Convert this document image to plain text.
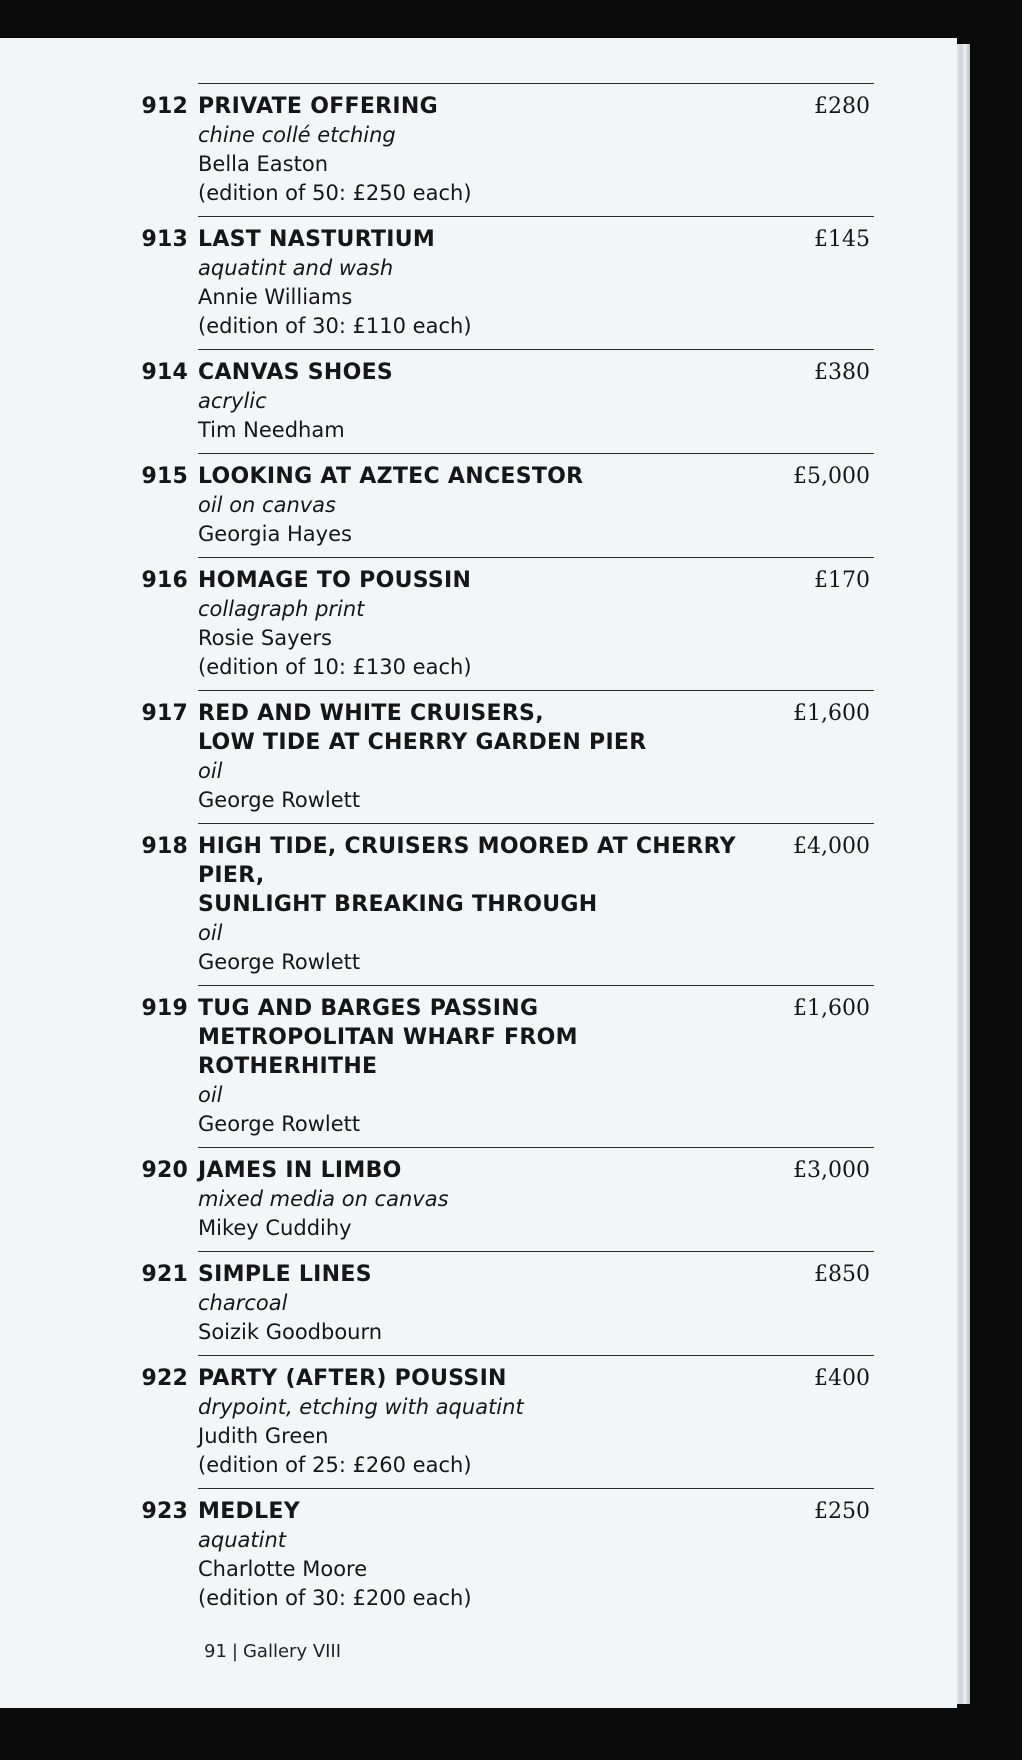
912 PRIVATE OFFERING
chine collé etching
Bella Easton
(edition of 50: £250 each)
£280
913 LAST NASTURTIUM
aquatint and wash
Annie Williams
(edition of 30: £110 each)
£145
914 CANVAS SHOES
acrylic
Tim Needham
£380
915 LOOKING AT AZTEC ANCESTOR
oil on canvas
Georgia Hayes
£5,000
916 HOMAGE TO POUSSIN
collagraph print
Rosie Sayers
(edition of 10: £130 each)
£170
917 RED AND WHITE CRUISERS,
LOW TIDE AT CHERRY GARDEN PIER
oil
George Rowlett
£1,600
918 HIGH TIDE, CRUISERS MOORED AT CHERRY PIER,
SUNLIGHT BREAKING THROUGH
oil
George Rowlett
£4,000
919 TUG AND BARGES PASSING
METROPOLITAN WHARF FROM ROTHERHITHE
oil
George Rowlett
£1,600
920 JAMES IN LIMBO
mixed media on canvas
Mikey Cuddihy
£3,000
921 SIMPLE LINES
charcoal
Soizik Goodbourn
£850
922 PARTY (AFTER) POUSSIN
drypoint, etching with aquatint
Judith Green
(edition of 25: £260 each)
£400
923 MEDLEY
aquatint
Charlotte Moore
(edition of 30: £200 each)
£250
91 | Gallery VIII
